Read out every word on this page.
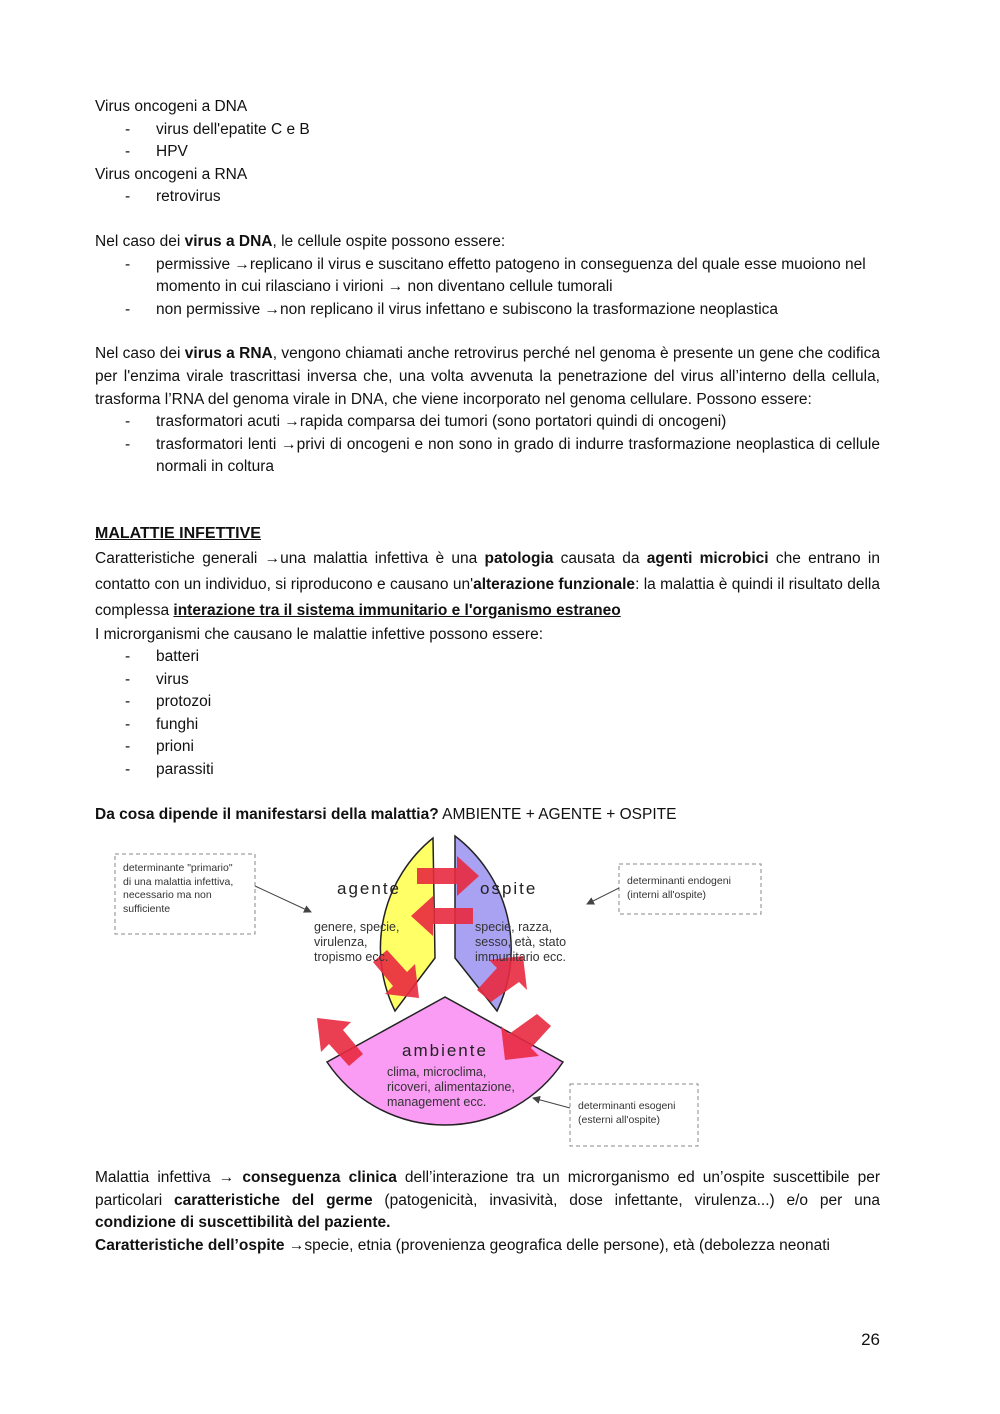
Virus oncogeni a DNA

- virus dell'epatite C e B
- HPV

Virus oncogeni a RNA

- retrovirus

Nel caso dei virus a DNA, le cellule ospite possono essere:

- permissive →replicano il virus e suscitano effetto patogeno in conseguenza del quale esse muoiono nel momento in cui rilasciano i virioni → non diventano cellule tumorali
- non permissive →non replicano il virus infettano e subiscono la trasformazione neoplastica

Nel caso dei virus a RNA, vengono chiamati anche retrovirus perché nel genoma è presente un gene che codifica per l'enzima virale trascrittasi inversa che, una volta avvenuta la penetrazione del virus all’interno della cellula, trasforma l’RNA del genoma virale in DNA, che viene incorporato nel genoma cellulare. Possono essere:

- trasformatori acuti →rapida comparsa dei tumori (sono portatori quindi di oncogeni)
- trasformatori lenti →privi di oncogeni e non sono in grado di indurre trasformazione neoplastica di cellule normali in coltura

MALATTIE INFETTIVE

Caratteristiche generali →una malattia infettiva è una patologia causata da agenti microbici che entrano in contatto con un individuo, si riproducono e causano un'alterazione funzionale: la malattia è quindi il risultato della complessa interazione tra il sistema immunitario e l'organismo estraneo

I microrganismi che causano le malattie infettive possono essere:

- batteri
- virus
- protozoi
- funghi
- prioni
- parassiti

Da cosa dipende il manifestarsi della malattia? AMBIENTE + AGENTE + OSPITE

agente
genere, specie,
virulenza,
tropismo ecc.
ospite
specie, razza,
sesso, età, stato
immunitario ecc.
ambiente
clima, microclima,
ricoveri, alimentazione,
management ecc.
determinante "primario"
di una malattia infettiva,
necessario ma non
sufficiente
determinanti endogeni
(interni all'ospite)
determinanti esogeni
(esterni all'ospite)

Malattia infettiva → conseguenza clinica dell’interazione tra un microrganismo ed un’ospite suscettibile per particolari caratteristiche del germe (patogenicità, invasività, dose infettante, virulenza...) e/o per una condizione di suscettibilità del paziente.

Caratteristiche dell’ospite →specie, etnia (provenienza geografica delle persone), età (debolezza neonati

26
